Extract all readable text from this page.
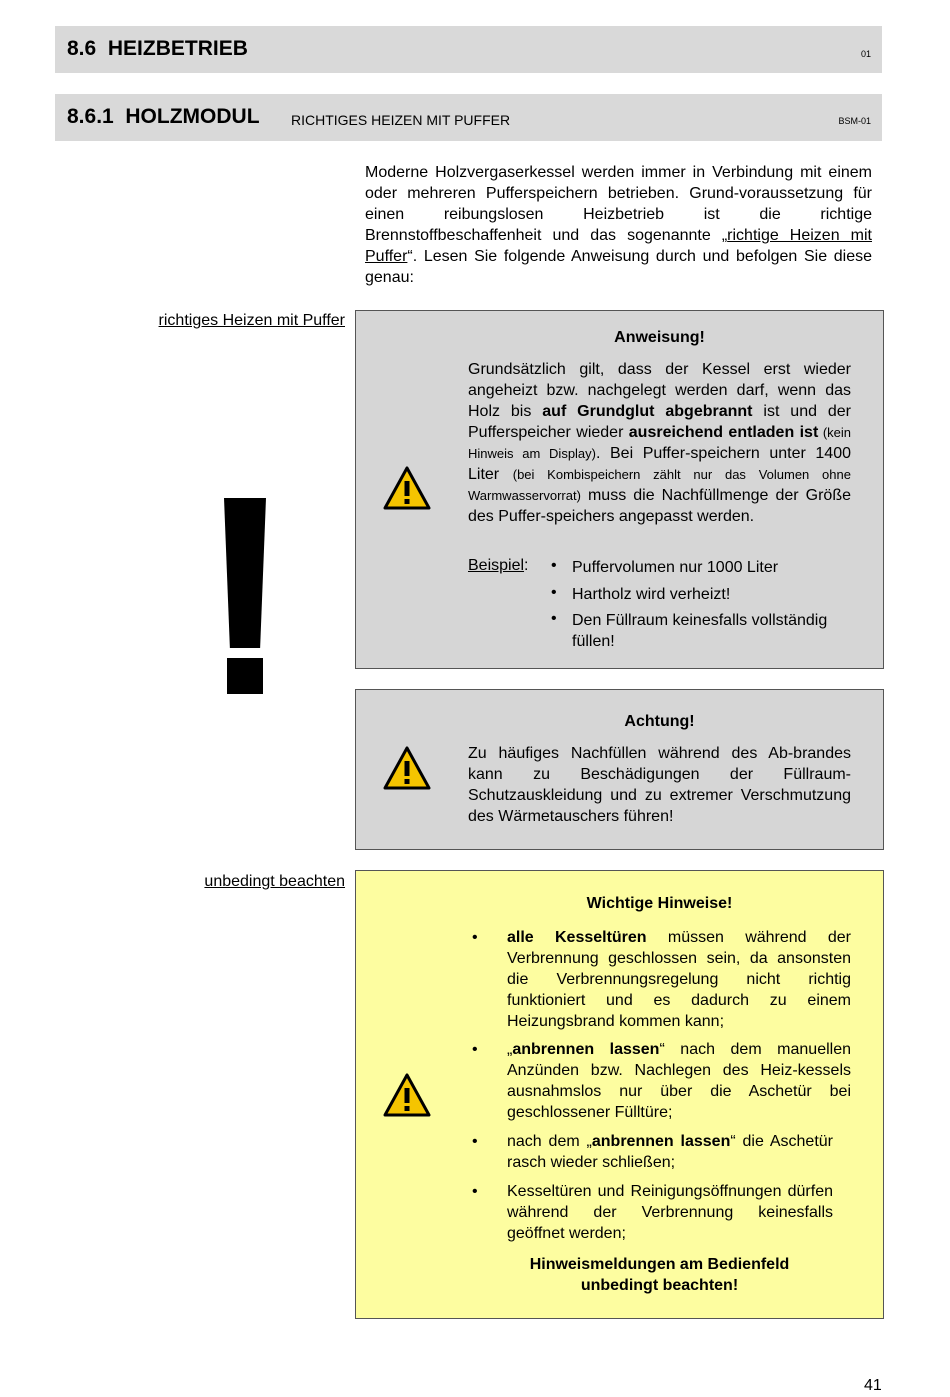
8.6 HEIZBETRIEB	01
8.6.1 HOLZMODUL RICHTIGES HEIZEN MIT PUFFER	BSM-01
Moderne Holzvergaserkessel werden immer in Verbindung mit einem oder mehreren Pufferspeichern betrieben. Grund-voraussetzung für einen reibungslosen Heizbetrieb ist die richtige Brennstoffbeschaffenheit und das sogenannte „richtige Heizen mit Puffer“. Lesen Sie folgende Anweisung durch und befolgen Sie diese genau:
richtiges Heizen mit Puffer
unbedingt beachten
Anweisung!

Grundsätzlich gilt, dass der Kessel erst wieder angeheizt bzw. nachgelegt werden darf, wenn das Holz bis auf Grundglut abgebrannt ist und der Pufferspeicher wieder ausreichend entladen ist (kein Hinweis am Display). Bei Puffer-speichern unter 1400 Liter (bei Kombispeichern zählt nur das Volumen ohne Warmwasservorrat) muss die Nachfüllmenge der Größe des Puffer-speichers angepasst werden.

Beispiel: • Puffervolumen nur 1000 Liter
• Hartholz wird verheizt!
• Den Füllraum keinesfalls vollständig füllen!
Achtung!

Zu häufiges Nachfüllen während des Ab-brandes kann zu Beschädigungen der Füllraum-Schutzauskleidung und zu extremer Verschmutzung des Wärmetauschers führen!

Wichtige Hinweise!
• alle Kesseltüren müssen während der Verbrennung geschlossen sein, da ansonsten die Verbrennungsregelung nicht richtig funktioniert und es dadurch zu einem Heizungsbrand kommen kann;
• „anbrennen lassen“ nach dem manuellen Anzünden bzw. Nachlegen des Heiz-kessels ausnahmslos nur über die Aschetür bei geschlossener Fülltüre;
• nach dem „anbrennen lassen“ die Aschetür rasch wieder schließen;
• Kesseltüren und Reinigungsöffnungen dürfen während der Verbrennung keinesfalls geöffnet werden;
Hinweismeldungen am Bedienfeld
unbedingt beachten!
41
